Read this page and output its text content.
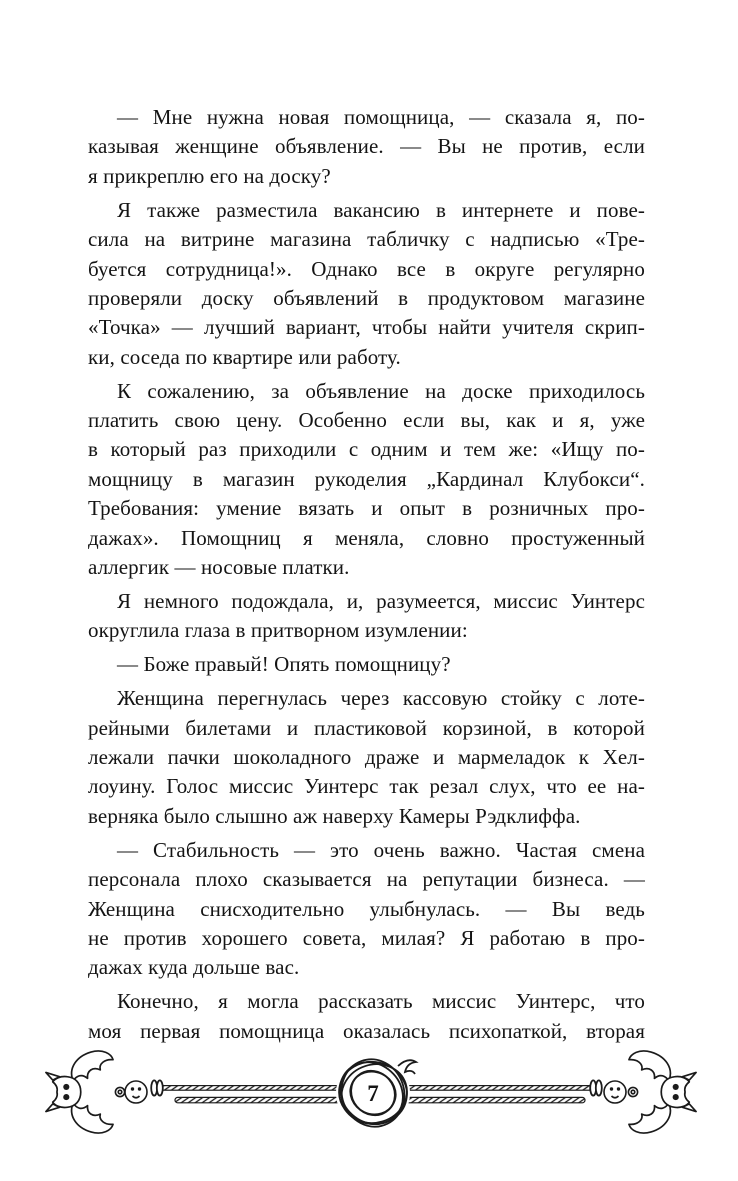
— Мне нужна новая помощница, — сказала я, по-
казывая женщине объявление. — Вы не против, если
я прикреплю его на доску?
Я также разместила вакансию в интернете и пове-
сила на витрине магазина табличку с надписью «Тре-
буется сотрудница!». Однако все в округе регулярно
проверяли доску объявлений в продуктовом магазине
«Точка» — лучший вариант, чтобы найти учителя скрип-
ки, соседа по квартире или работу.
К сожалению, за объявление на доске приходилось
платить свою цену. Особенно если вы, как и я, уже
в который раз приходили с одним и тем же: «Ищу по-
мощницу в магазин рукоделия „Кардинал Клубокси“.
Требования: умение вязать и опыт в розничных про-
дажах». Помощниц я меняла, словно простуженный
аллергик — носовые платки.
Я немного подождала, и, разумеется, миссис Уинтерс
округлила глаза в притворном изумлении:
— Боже правый! Опять помощницу?
Женщина перегнулась через кассовую стойку с лоте-
рейными билетами и пластиковой корзиной, в которой
лежали пачки шоколадного драже и мармеладок к Хел-
лоуину. Голос миссис Уинтерс так резал слух, что ее на-
верняка было слышно аж наверху Камеры Рэдклиффа.
— Стабильность — это очень важно. Частая смена
персонала плохо сказывается на репутации бизнеса. —
Женщина снисходительно улыбнулась. — Вы ведь
не против хорошего совета, милая? Я работаю в про-
дажах куда дольше вас.
Конечно, я могла рассказать миссис Уинтерс, что
моя первая помощница оказалась психопаткой, вторая
7
